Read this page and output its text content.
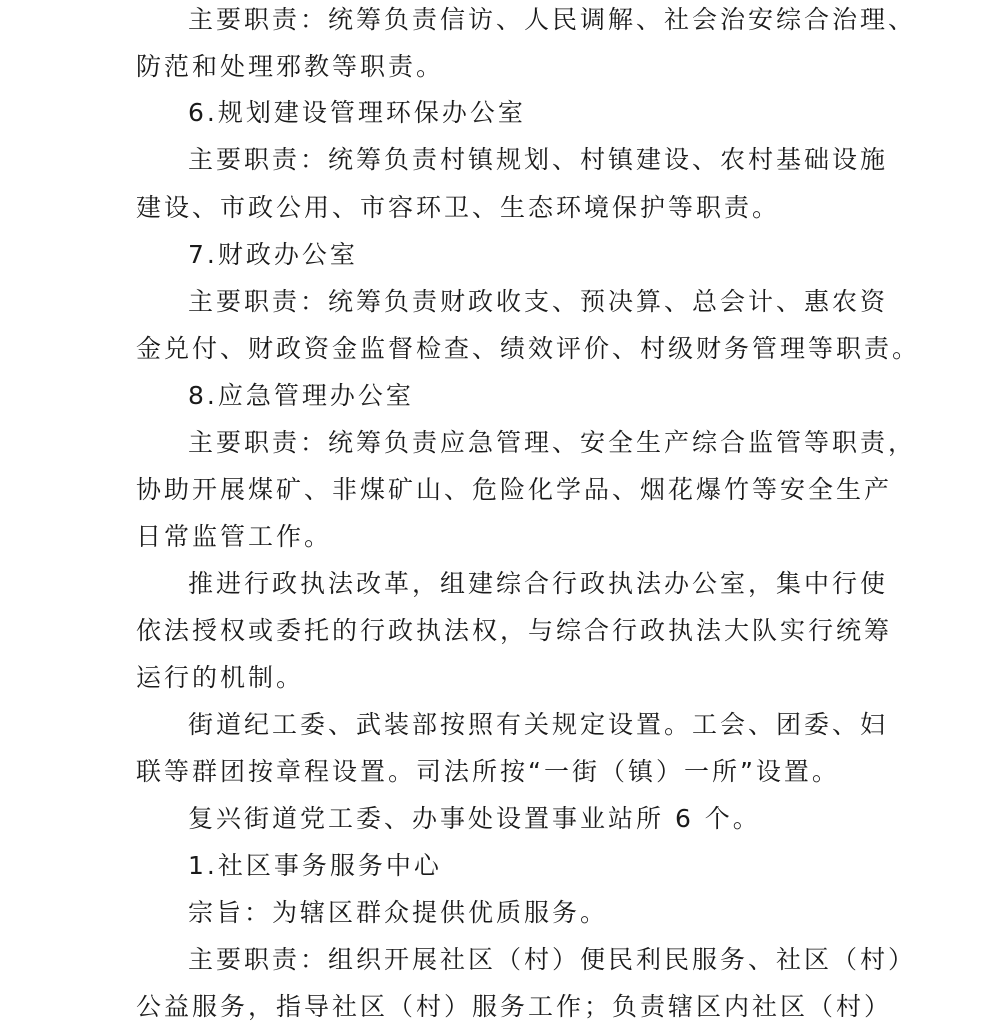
主要职责：统筹负责信访、人民调解、社会治安综合治理、
防范和处理邪教等职责。
6.规划建设管理环保办公室
主要职责：统筹负责村镇规划、村镇建设、农村基础设施
建设、市政公用、市容环卫、生态环境保护等职责。
7.财政办公室
主要职责：统筹负责财政收支、预决算、总会计、惠农资
金兑付、财政资金监督检查、绩效评价、村级财务管理等职责。
8.应急管理办公室
主要职责：统筹负责应急管理、安全生产综合监管等职责，
协助开展煤矿、非煤矿山、危险化学品、烟花爆竹等安全生产
日常监管工作。
推进行政执法改革，组建综合行政执法办公室，集中行使
依法授权或委托的行政执法权，与综合行政执法大队实行统筹
运行的机制。
街道纪工委、武装部按照有关规定设置。工会、团委、妇
联等群团按章程设置。司法所按“一街（镇）一所”设置。
复兴街道党工委、办事处设置事业站所 6 个。
1.社区事务服务中心
宗旨：为辖区群众提供优质服务。
主要职责：组织开展社区（村）便民利民服务、社区（村）
公益服务，指导社区（村）服务工作；负责辖区内社区（村）
